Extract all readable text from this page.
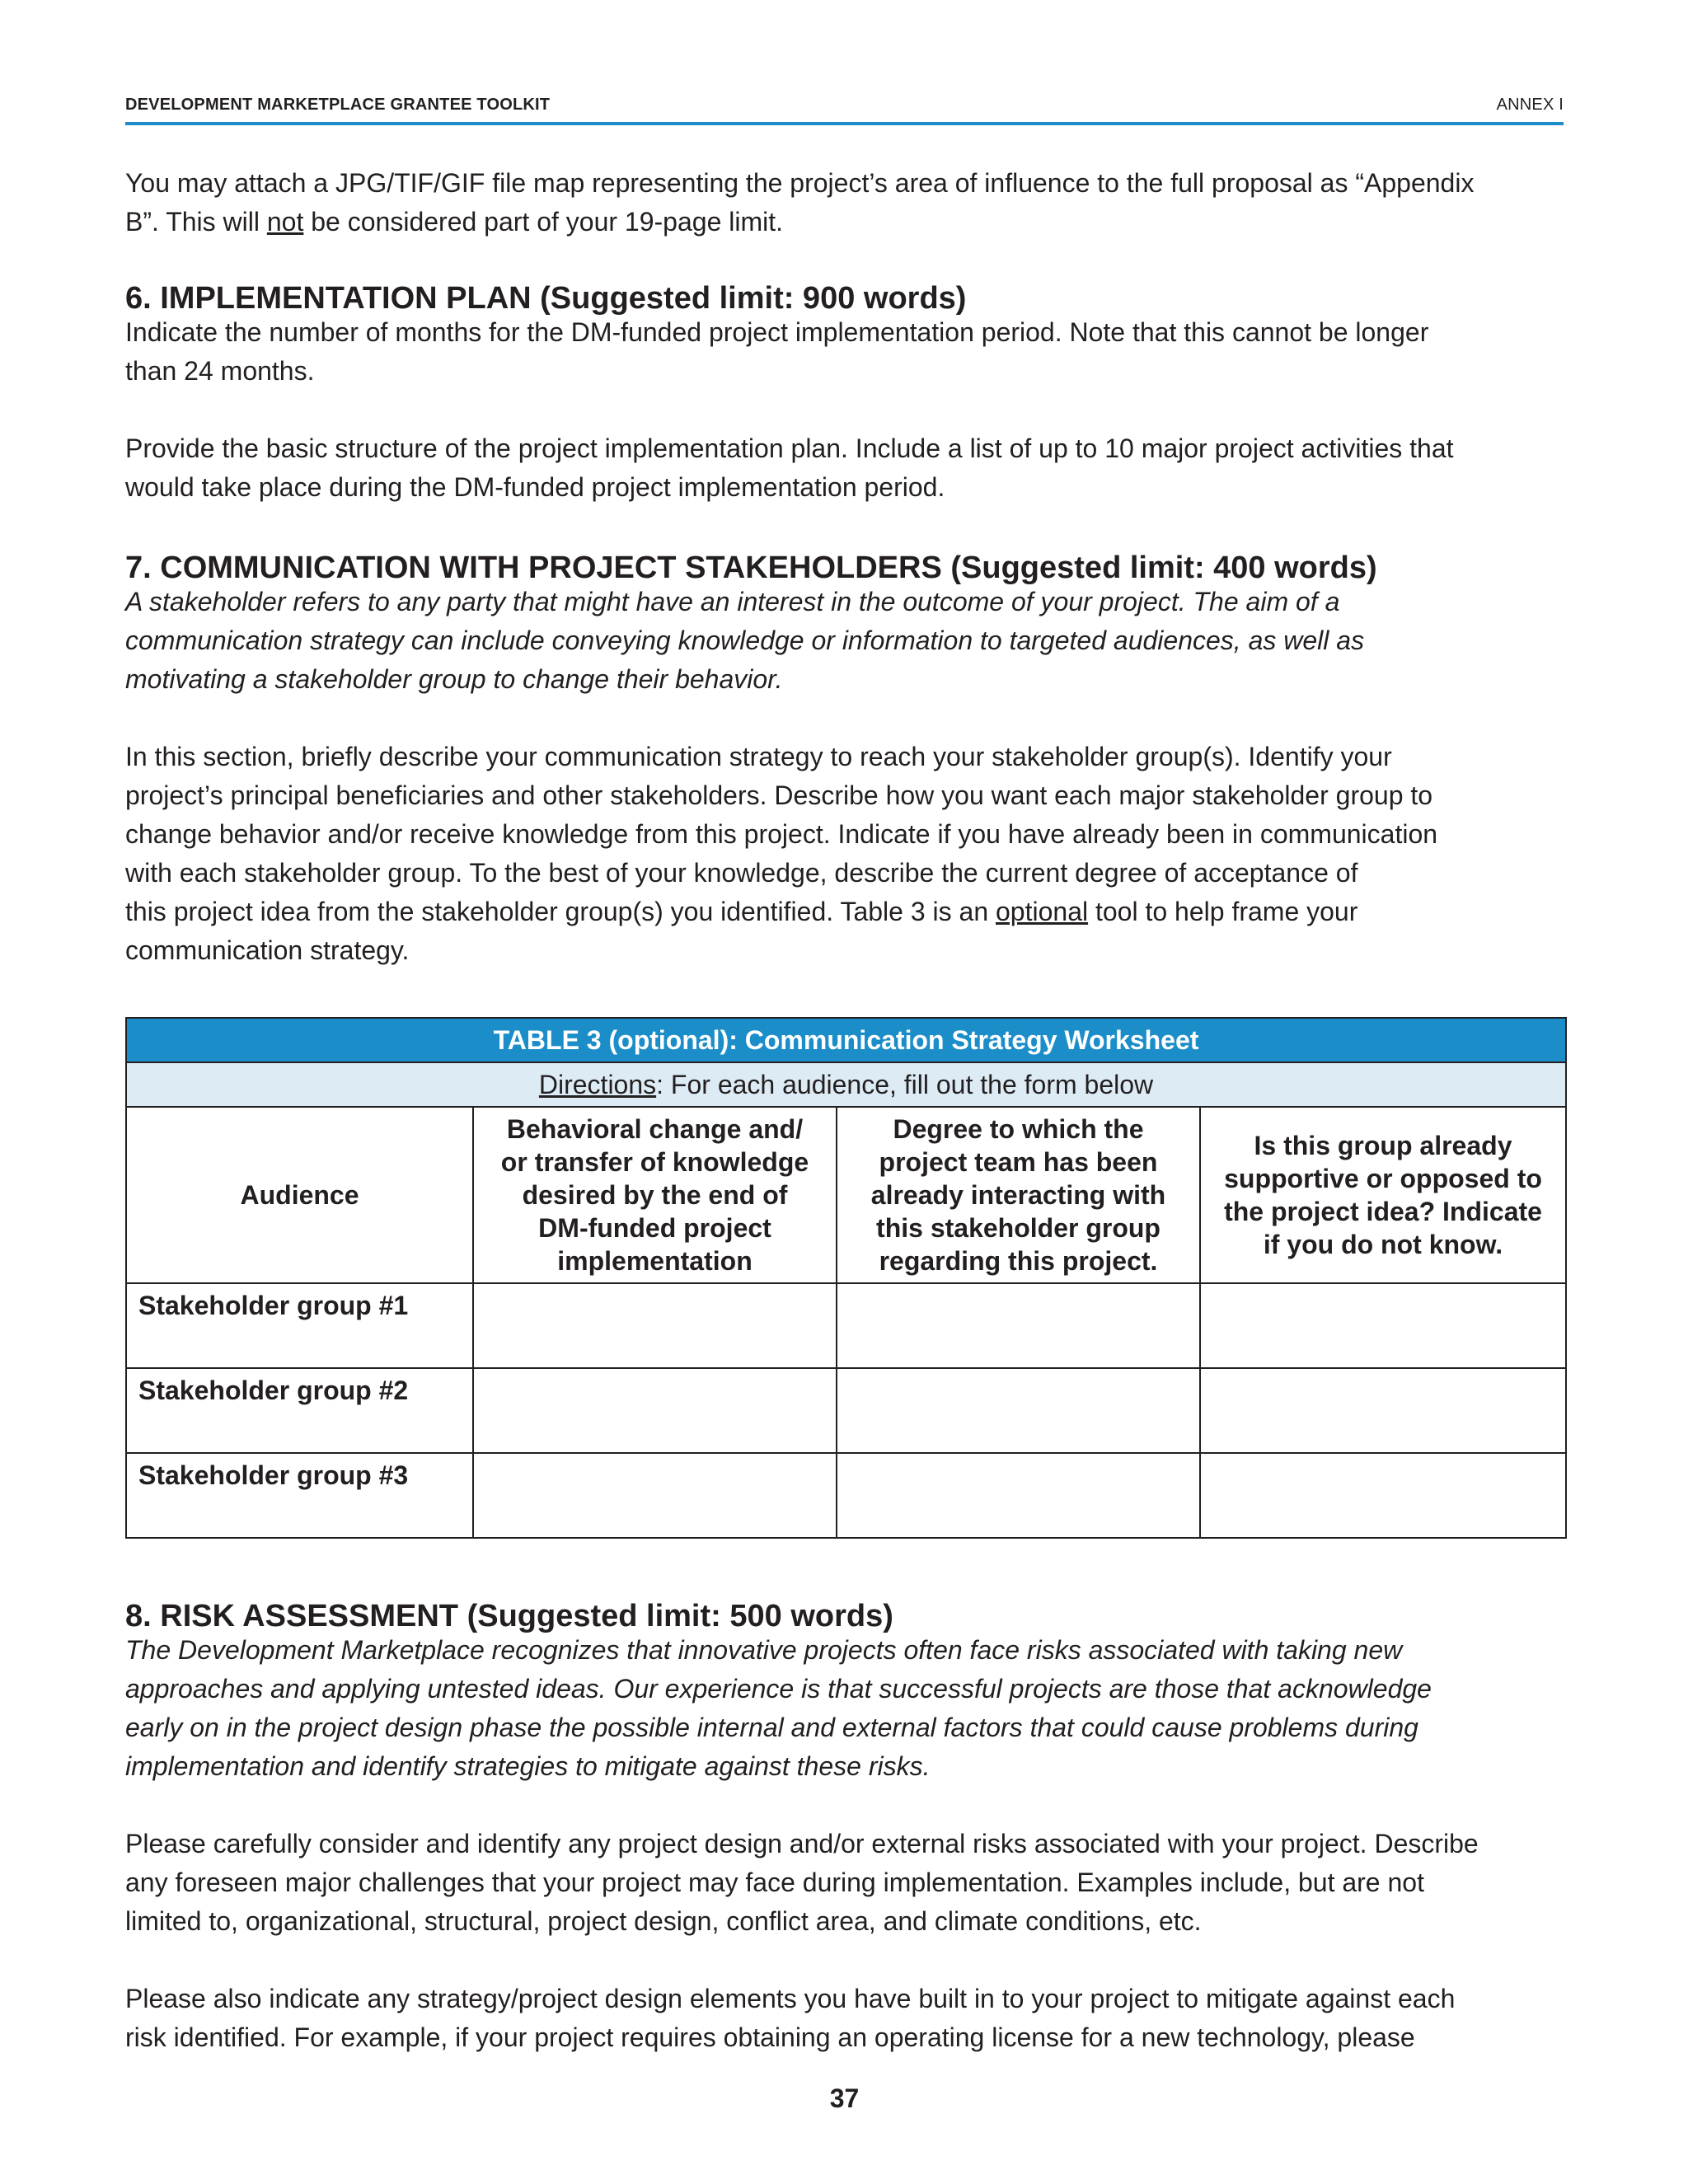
DEVELOPMENT MARKETPLACE GRANTEE TOOLKIT	ANNEX I

You may attach a JPG/TIF/GIF file map representing the project’s area of influence to the full proposal as “Appendix
B”. This will not be considered part of your 19-page limit.

6. IMPLEMENTATION PLAN (Suggested limit: 900 words)

Indicate the number of months for the DM-funded project implementation period. Note that this cannot be longer
than 24 months.

Provide the basic structure of the project implementation plan. Include a list of up to 10 major project activities that
would take place during the DM-funded project implementation period.

7. COMMUNICATION WITH PROJECT STAKEHOLDERS (Suggested limit: 400 words)

A stakeholder refers to any party that might have an interest in the outcome of your project. The aim of a
communication strategy can include conveying knowledge or information to targeted audiences, as well as
motivating a stakeholder group to change their behavior.

In this section, briefly describe your communication strategy to reach your stakeholder group(s). Identify your
project’s principal beneficiaries and other stakeholders. Describe how you want each major stakeholder group to
change behavior and/or receive knowledge from this project. Indicate if you have already been in communication
with each stakeholder group. To the best of your knowledge, describe the current degree of acceptance of
this project idea from the stakeholder group(s) you identified. Table 3 is an optional tool to help frame your
communication strategy.

TABLE 3 (optional): Communication Strategy Worksheet			
Directions: For each audience, fill out the form below			
Audience	Behavioral change and/
or transfer of knowledge
desired by the end of
DM-funded project
implementation	Degree to which the
project team has been
already interacting with
this stakeholder group
regarding this project.	Is this group already
supportive or opposed to
the project idea? Indicate
if you do not know.
Stakeholder group #1			
Stakeholder group #2			
Stakeholder group #3			
8. RISK ASSESSMENT (Suggested limit: 500 words)

The Development Marketplace recognizes that innovative projects often face risks associated with taking new
approaches and applying untested ideas. Our experience is that successful projects are those that acknowledge
early on in the project design phase the possible internal and external factors that could cause problems during
implementation and identify strategies to mitigate against these risks.

Please carefully consider and identify any project design and/or external risks associated with your project. Describe
any foreseen major challenges that your project may face during implementation. Examples include, but are not
limited to, organizational, structural, project design, conflict area, and climate conditions, etc.

Please also indicate any strategy/project design elements you have built in to your project to mitigate against each
risk identified. For example, if your project requires obtaining an operating license for a new technology, please

37
